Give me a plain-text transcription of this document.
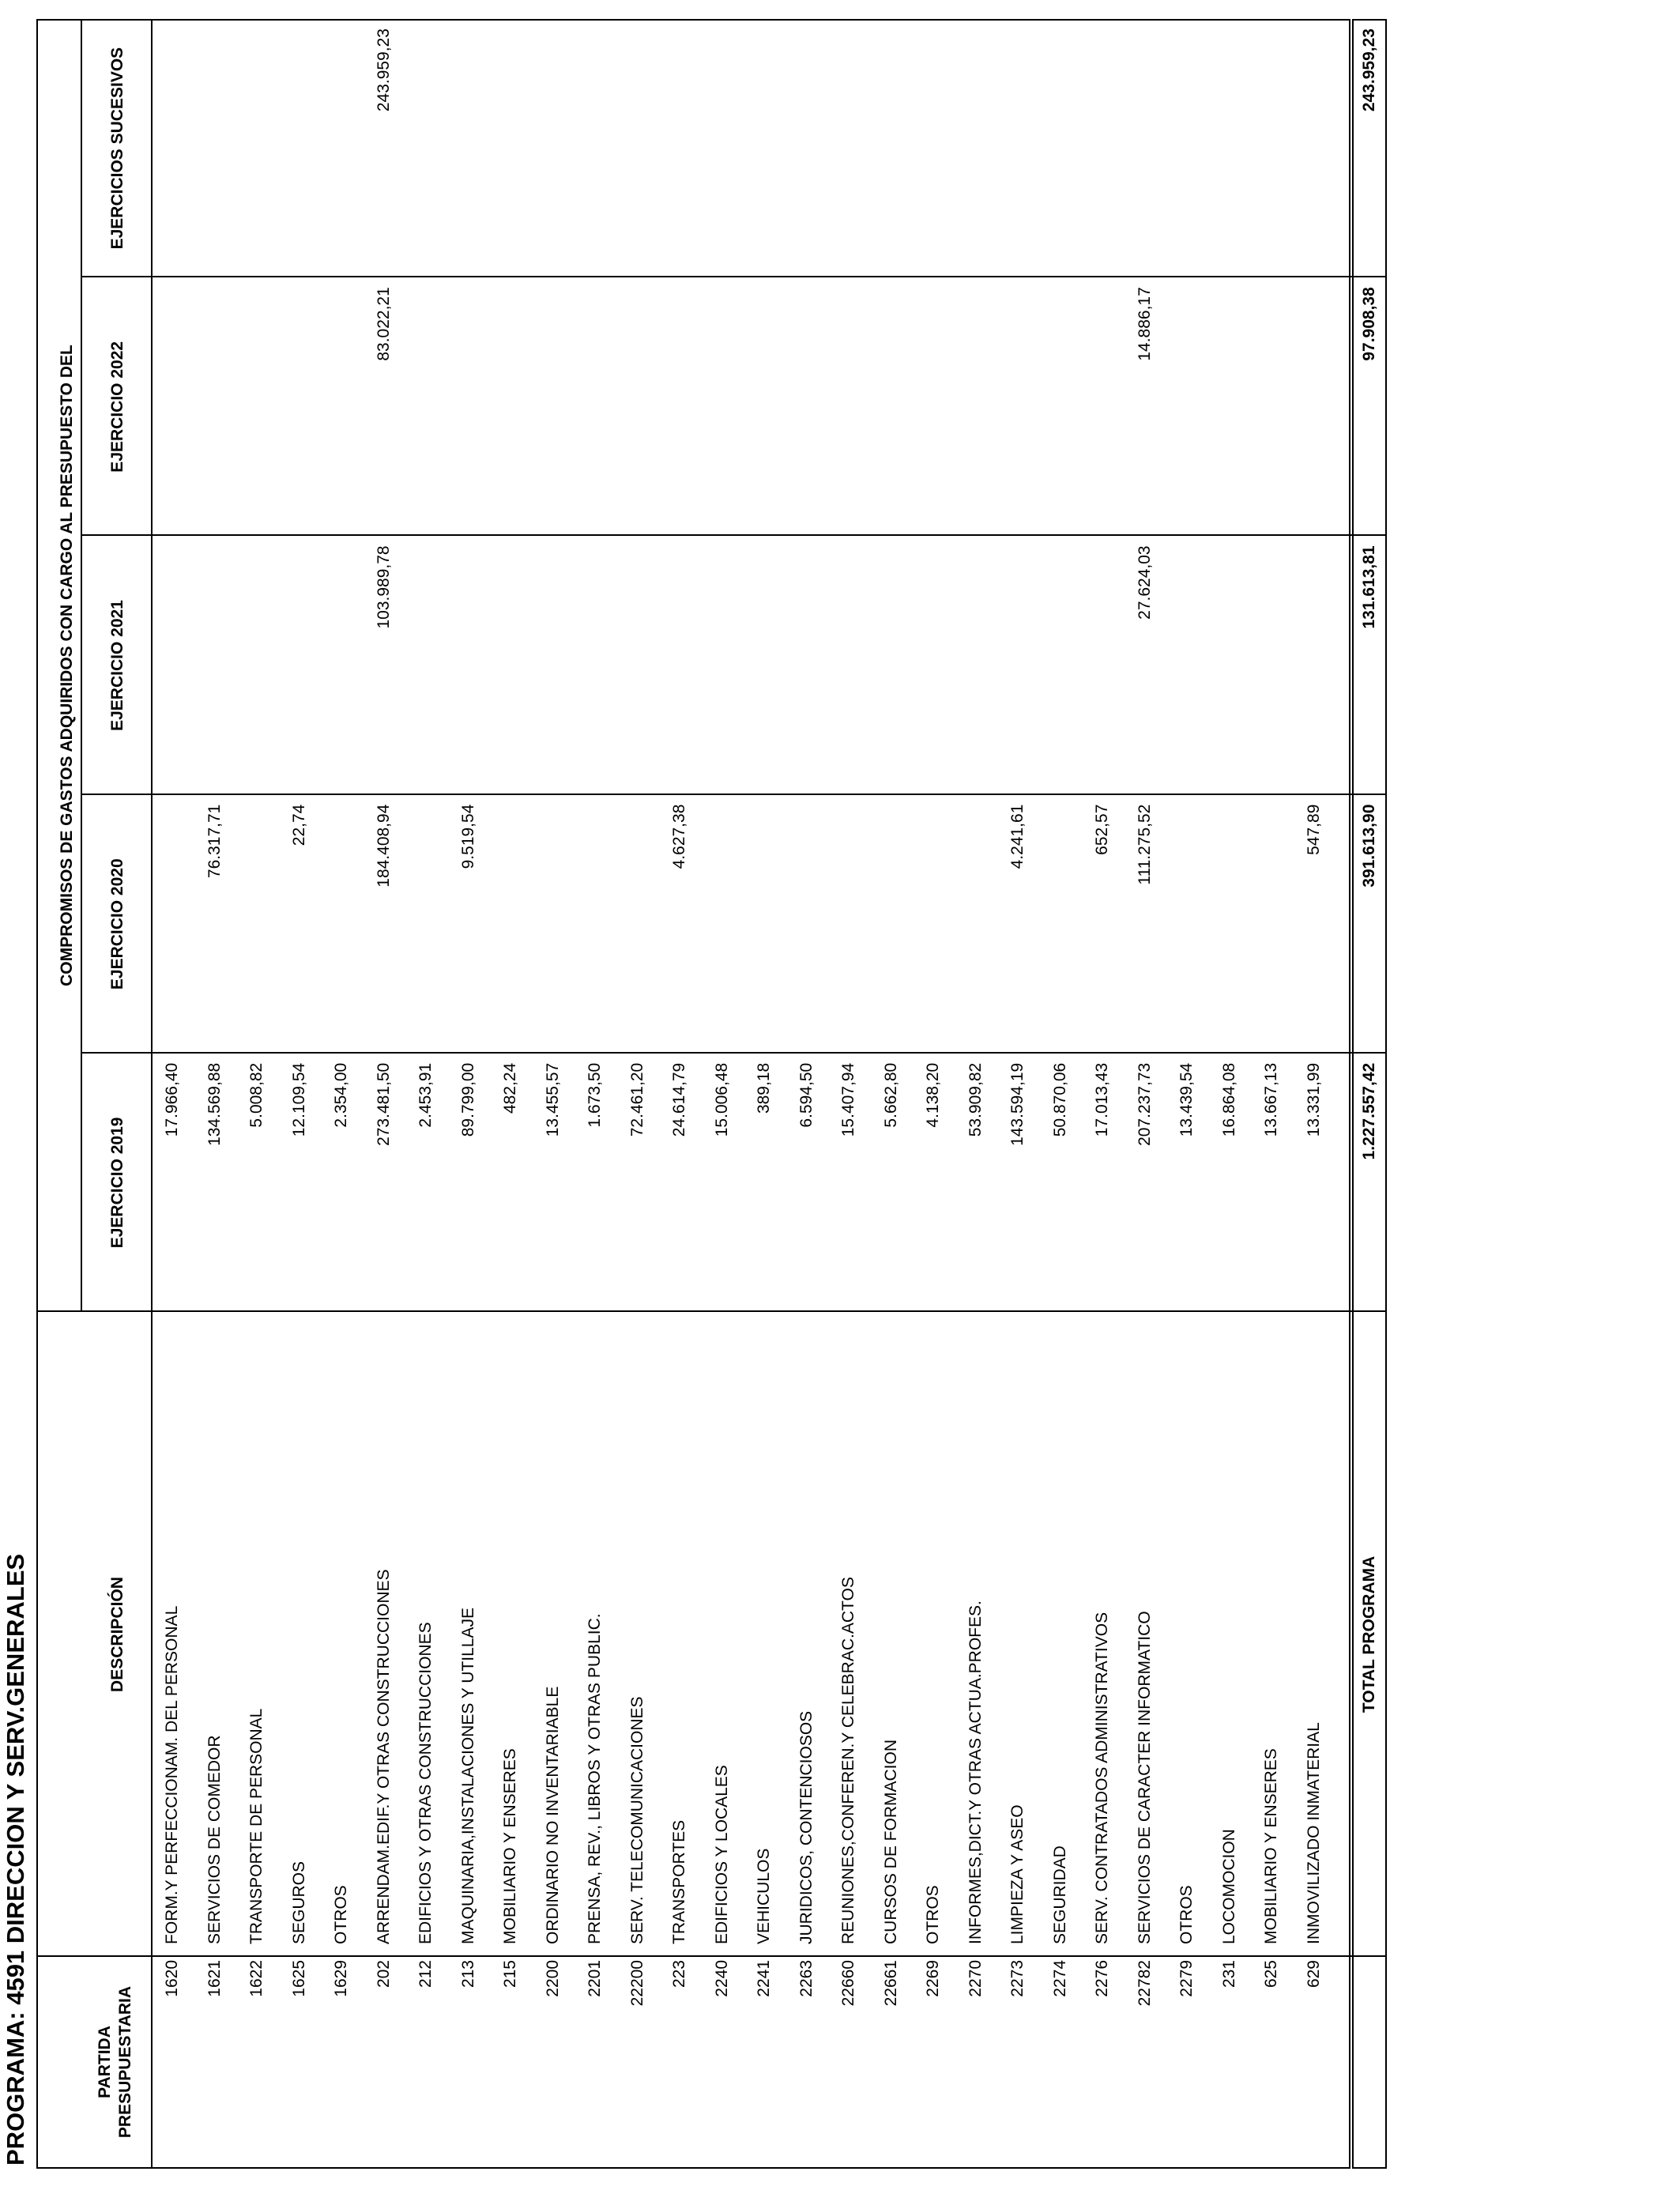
PROGRAMA: 4591 DIRECCION Y SERV.GENERALES	PARTIDA PRESUPUESTARIA
DESCRIPCIÓN
COMPROMISOS DE GASTOS ADQUIRIDOS CON CARGO AL PRESUPUESTO DEL
EJERCICIO 2019
EJERCICIO 2020
EJERCICIO 2021
EJERCICIO 2022
EJERCICIOS SUCESIVOS
1620
FORM.Y PERFECCIONAM. DEL PERSONAL
17.966,40
1621
SERVICIOS DE COMEDOR
134.569,88
76.317,71
1622
TRANSPORTE DE PERSONAL
5.008,82
1625
SEGUROS
12.109,54
22,74
1629
OTROS
2.354,00
202
ARRENDAM.EDIF.Y OTRAS CONSTRUCCIONES
273.481,50
184.408,94
103.989,78
83.022,21
243.959,23
212
EDIFICIOS Y OTRAS CONSTRUCCIONES
2.453,91
213
MAQUINARIA,INSTALACIONES Y UTILLAJE
89.799,00
9.519,54
215
MOBILIARIO Y ENSERES
482,24
2200
ORDINARIO NO INVENTARIABLE
13.455,57
2201
PRENSA, REV., LIBROS Y OTRAS PUBLIC.
1.673,50
22200
SERV. TELECOMUNICACIONES
72.461,20
223
TRANSPORTES
24.614,79
4.627,38
2240
EDIFICIOS Y LOCALES
15.006,48
2241
VEHICULOS
389,18
2263
JURIDICOS, CONTENCIOSOS
6.594,50
22660
REUNIONES,CONFEREN.Y CELEBRAC.ACTOS
15.407,94
22661
CURSOS DE FORMACION
5.662,80
2269
OTROS
4.138,20
2270
INFORMES,DICT.Y OTRAS ACTUA.PROFES.
53.909,82
2273
LIMPIEZA Y ASEO
143.594,19
4.241,61
2274
SEGURIDAD
50.870,06
2276
SERV. CONTRATADOS ADMINISTRATIVOS
17.013,43
652,57
22782
SERVICIOS DE CARACTER INFORMATICO
207.237,73
111.275,52
27.624,03
14.886,17
2279
OTROS
13.439,54
231
LOCOMOCION
16.864,08
625
MOBILIARIO Y ENSERES
13.667,13
629
INMOVILIZADO INMATERIAL
13.331,99
547,89
TOTAL PROGRAMA
1.227.557,42
391.613,90
131.613,81
97.908,38
243.959,23
